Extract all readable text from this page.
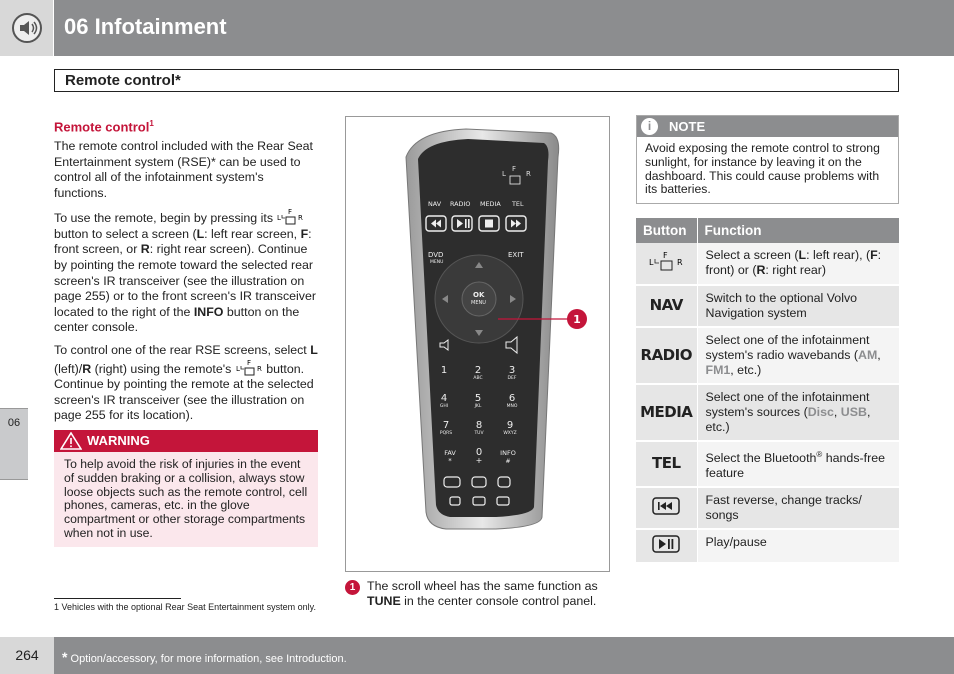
06 Infotainment
Remote control*
06
Remote control$^1$

The remote control included with the Rear Seat Entertainment system (RSE)* can be used to control all of the infotainment system's functions.

To use the remote, begin by pressing its L
F
R
button to select a screen (L: left rear screen, F: front screen, or R: right rear screen). Continue by pointing the remote toward the selected rear screen's IR transceiver (see the illustration on page 255) or to the front screen's IR transceiver located to the right of the INFO button on the center console.

To control one of the rear RSE screens, select L (left)/R (right) using the remote's L
F
R button. Continue by pointing the remote at the selected screen's IR transceiver (see the illustration on page 255 for its location).

WARNING
To help avoid the risk of injuries in the event of sudden braking or a collision, always stow loose objects such as the remote control, cell phones, cameras, etc. in the glove compartment or other storage compartments when not in use.
L
F
R
NAV RADIO MEDIA TEL
DVD
MENU
EXIT
OK
MENU
1	2
ABC
3
DEF
4
GHI
5
JKL
6
MNO
7
PQRS
8
TUV
9
WXYZ
FAV
*
0
+
INFO
#
1
1 The scroll wheel has the same function as TUNE in the center console control panel.
1 Vehicles with the optional Rear Seat Entertainment system only.
i	NOTE
Avoid exposing the remote control to strong sunlight, for instance by leaving it on the dashboard. This could cause problems with its batteries.
Button	Function

L
F
R	Select a screen (L: left rear), (F: front) or (R: right rear)
NAV	Switch to the optional Volvo Navigation system
RADIO	Select one of the infotainment system's radio wavebands (AM, FM1, etc.)
MEDIA	Select one of the infotainment system's sources (Disc, USB, etc.)
TEL	Select the Bluetooth® hands-free feature
	Fast reverse, change tracks/ songs
	Play/pause
264	* Option/accessory, for more information, see Introduction.
